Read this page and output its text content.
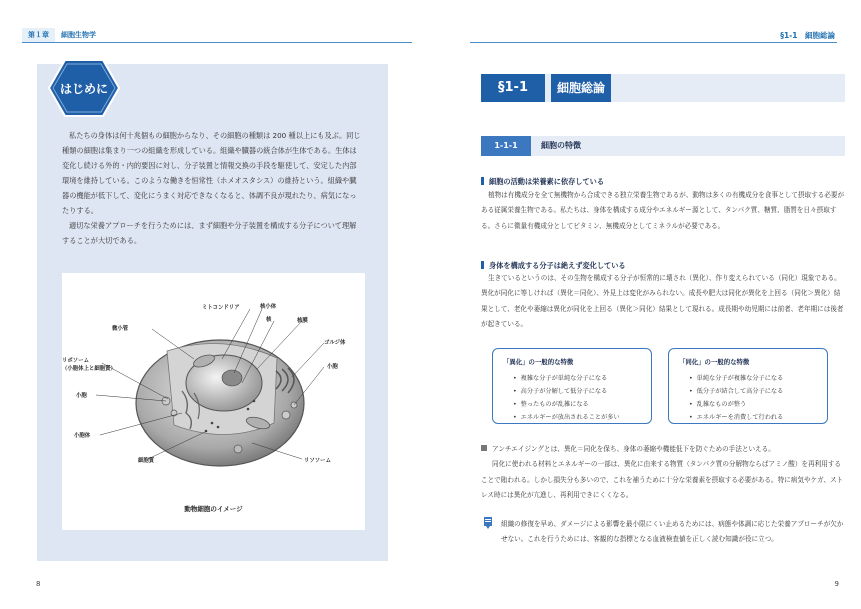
第１章	細胞生物学
はじめに

私たちの身体は何十兆個もの細胞からなり、その細胞の種類は 200 種以上にも及ぶ。同じ種類の細胞は集まり一つの組織を形成している。組織や臓器の統合体が生体である。生体は変化し続ける外的・内的要因に対し、分子装置と情報交換の手段を駆使して、安定した内部環境を維持している。このような働きを恒常性（ホメオスタシス）の維持という。組織や臓器の機能が低下して、変化にうまく対応できなくなると、体調不良が現れたり、病気になったりする。

適切な栄養アプローチを行うためには、まず細胞や分子装置を構成する分子について理解することが大切である。

ミトコンドリア	核小体
核	核膜
微小管
ゴルジ体
小胞
リボソーム
（小胞体上と細胞質）
小胞
小胞体
細胞質	リソソーム
動物細胞のイメージ
8
§1-1　細胞総論
§1-1	細胞総論
1-1-1	細胞の特徴
細胞の活動は栄養素に依存している
植物は有機成分を全て無機物から合成できる独立栄養生物であるが、動物は多くの有機成分を食事として摂取する必要がある従属栄養生物である。私たちは、身体を構成する成分やエネルギー源として、タンパク質、糖質、脂質を日々摂取する。さらに微量有機成分としてビタミン、無機成分としてミネラルが必要である。
身体を構成する分子は絶えず変化している
生きているというのは、その生物を構成する分子が恒常的に壊され（異化）、作り変えられている（同化）現象である。異化が同化に等しければ（異化＝同化）、外見上は変化がみられない。成長や肥大は同化が異化を上回る（同化＞異化）結果として、老化や萎縮は異化が同化を上回る（異化＞同化）結果として現れる。成長期や幼児期には前者、老年期には後者が起きている。
「異化」の一般的な特徴
• 複雑な分子が単純な分子になる
• 高分子が分解して低分子になる
• 整ったものが乱雑になる
• エネルギーが放出されることが多い
「同化」の一般的な特徴
• 単純な分子が複雑な分子になる
• 低分子が結合して高分子になる
• 乱雑なものが整う
• エネルギーを消費して行われる
アンチエイジングとは、異化＝同化を保ち、身体の萎縮や機能低下を防ぐための手法といえる。
同化に使われる材料とエネルギーの一部は、異化に由来する物質（タンパク質の分解物ならばアミノ酸）を再利用することで賄われる。しかし損失分も多いので、これを補うために十分な栄養素を摂取する必要がある。特に病気やケガ、ストレス時には異化が亢進し、再利用できにくくなる。
組織の修復を早め、ダメージによる影響を最小限にくい止めるためには、病態や体調に応じた栄養アプローチが欠かせない。これを行うためには、客観的な指標となる血液検査値を正しく読む知識が役に立つ。
9
